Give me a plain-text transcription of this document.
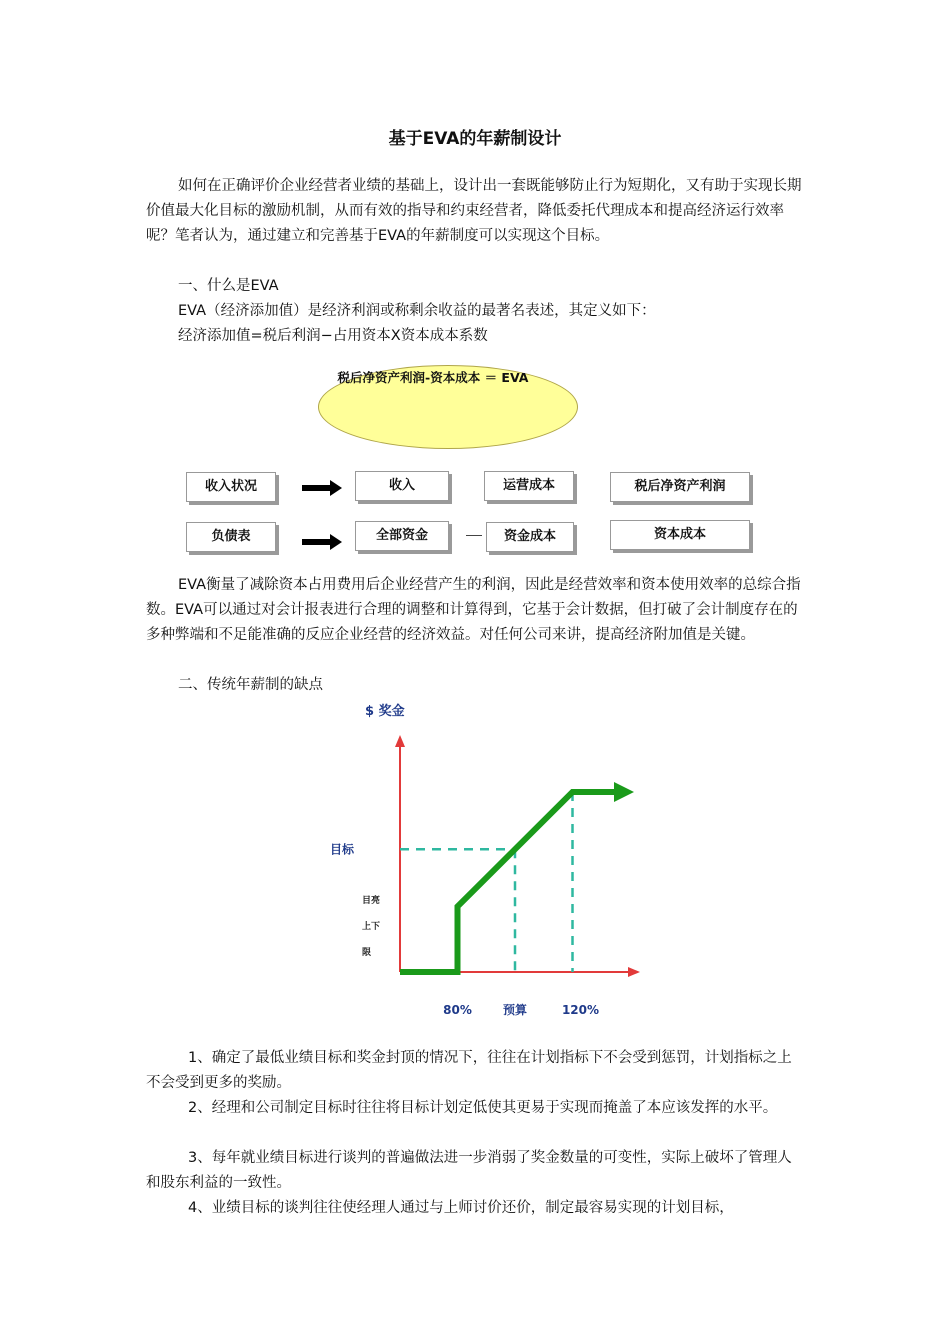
基于EVA的年薪制设计
如何在正确评价企业经营者业绩的基础上，设计出一套既能够防止行为短期化，又有助于实现长期价值最大化目标的激励机制，从而有效的指导和约束经营者，降低委托代理成本和提高经济运行效率呢？笔者认为，通过建立和完善基于EVA的年薪制度可以实现这个目标。
一、什么是EVA
EVA（经济添加值）是经济利润或称剩余收益的最著名表述，其定义如下：
经济添加值=税后利润−占用资本Ⅹ资本成本系数
税后净资产利润-资本成本 ＝ EVA
收入状况	收入	运营成本	税后净资产利润
负债表	全部资金	资金成本	资本成本
EVA衡量了减除资本占用费用后企业经营产生的利润，因此是经营效率和资本使用效率的总综合指数。EVA可以通过对会计报表进行合理的调整和计算得到，它基于会计数据，但打破了会计制度存在的多种弊端和不足能准确的反应企业经营的经济效益。对任何公司来讲，提高经济附加值是关键。
二、传统年薪制的缺点
$ 奖金
目标
目亮
上下
限
80%	预算	120%
1、确定了最低业绩目标和奖金封顶的情况下，往往在计划指标下不会受到惩罚，计划指标之上不会受到更多的奖励。
2、经理和公司制定目标时往往将目标计划定低使其更易于实现而掩盖了本应该发挥的水平。
3、每年就业绩目标进行谈判的普遍做法进一步消弱了奖金数量的可变性，实际上破坏了管理人和股东利益的一致性。
4、业绩目标的谈判往往使经理人通过与上师讨价还价，制定最容易实现的计划目标，
